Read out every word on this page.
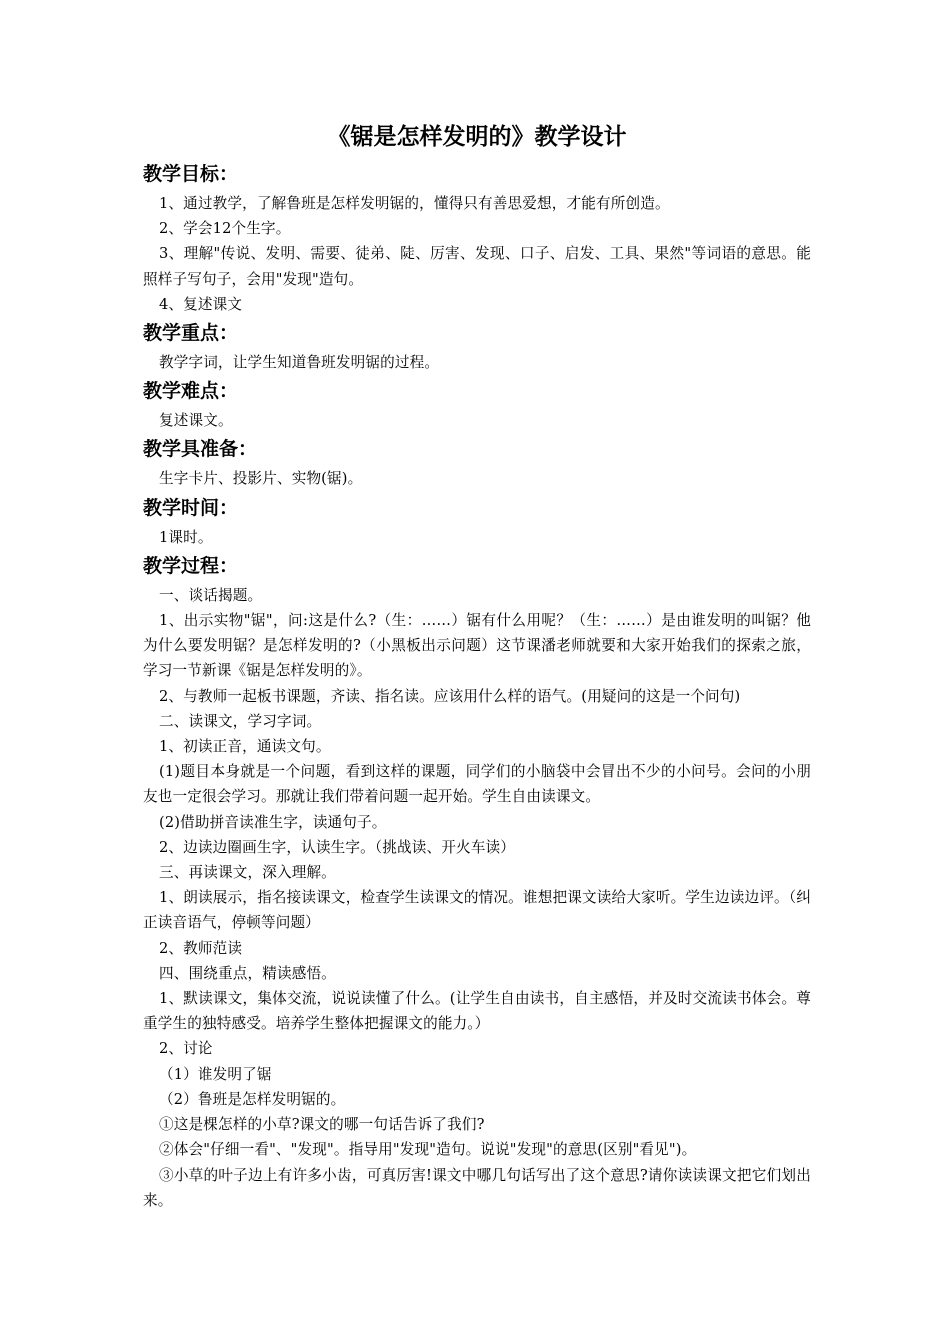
《锯是怎样发明的》教学设计
教学目标：

1、通过教学，了解鲁班是怎样发明锯的，懂得只有善思爱想，才能有所创造。

2、学会12个生字。

3、理解"传说、发明、需要、徒弟、陡、厉害、发现、口子、启发、工具、果然"等词语的意思。能照样子写句子，会用"发现"造句。

4、复述课文

教学重点：

教学字词，让学生知道鲁班发明锯的过程。

教学难点：

复述课文。

教学具准备：

生字卡片、投影片、实物(锯)。

教学时间：

1课时。

教学过程：

一、谈话揭题。

1、出示实物"锯"，问:这是什么?（生：……）锯有什么用呢？（生：……）是由谁发明的叫锯？他为什么要发明锯？是怎样发明的?（小黑板出示问题）这节课潘老师就要和大家开始我们的探索之旅，学习一节新课《锯是怎样发明的》。

2、与教师一起板书课题，齐读、指名读。应该用什么样的语气。(用疑问的这是一个问句)

二、读课文，学习字词。

1、初读正音，通读文句。

(1)题目本身就是一个问题，看到这样的课题，同学们的小脑袋中会冒出不少的小问号。会问的小朋友也一定很会学习。那就让我们带着问题一起开始。学生自由读课文。

(2)借助拼音读准生字，读通句子。

2、边读边圈画生字，认读生字。（挑战读、开火车读）

三、再读课文，深入理解。

1、朗读展示，指名接读课文，检查学生读课文的情况。谁想把课文读给大家听。学生边读边评。（纠正读音语气，停顿等问题）

2、教师范读

四、围绕重点，精读感悟。

1、默读课文，集体交流，说说读懂了什么。(让学生自由读书，自主感悟，并及时交流读书体会。尊重学生的独特感受。培养学生整体把握课文的能力。）

2、讨论

（1）谁发明了锯

（2）鲁班是怎样发明锯的。

①这是棵怎样的小草?课文的哪一句话告诉了我们?

②体会"仔细一看"、"发现"。指导用"发现"造句。说说"发现"的意思(区别"看见")。

③小草的叶子边上有许多小齿，可真厉害!课文中哪几句话写出了这个意思?请你读读课文把它们划出来。
